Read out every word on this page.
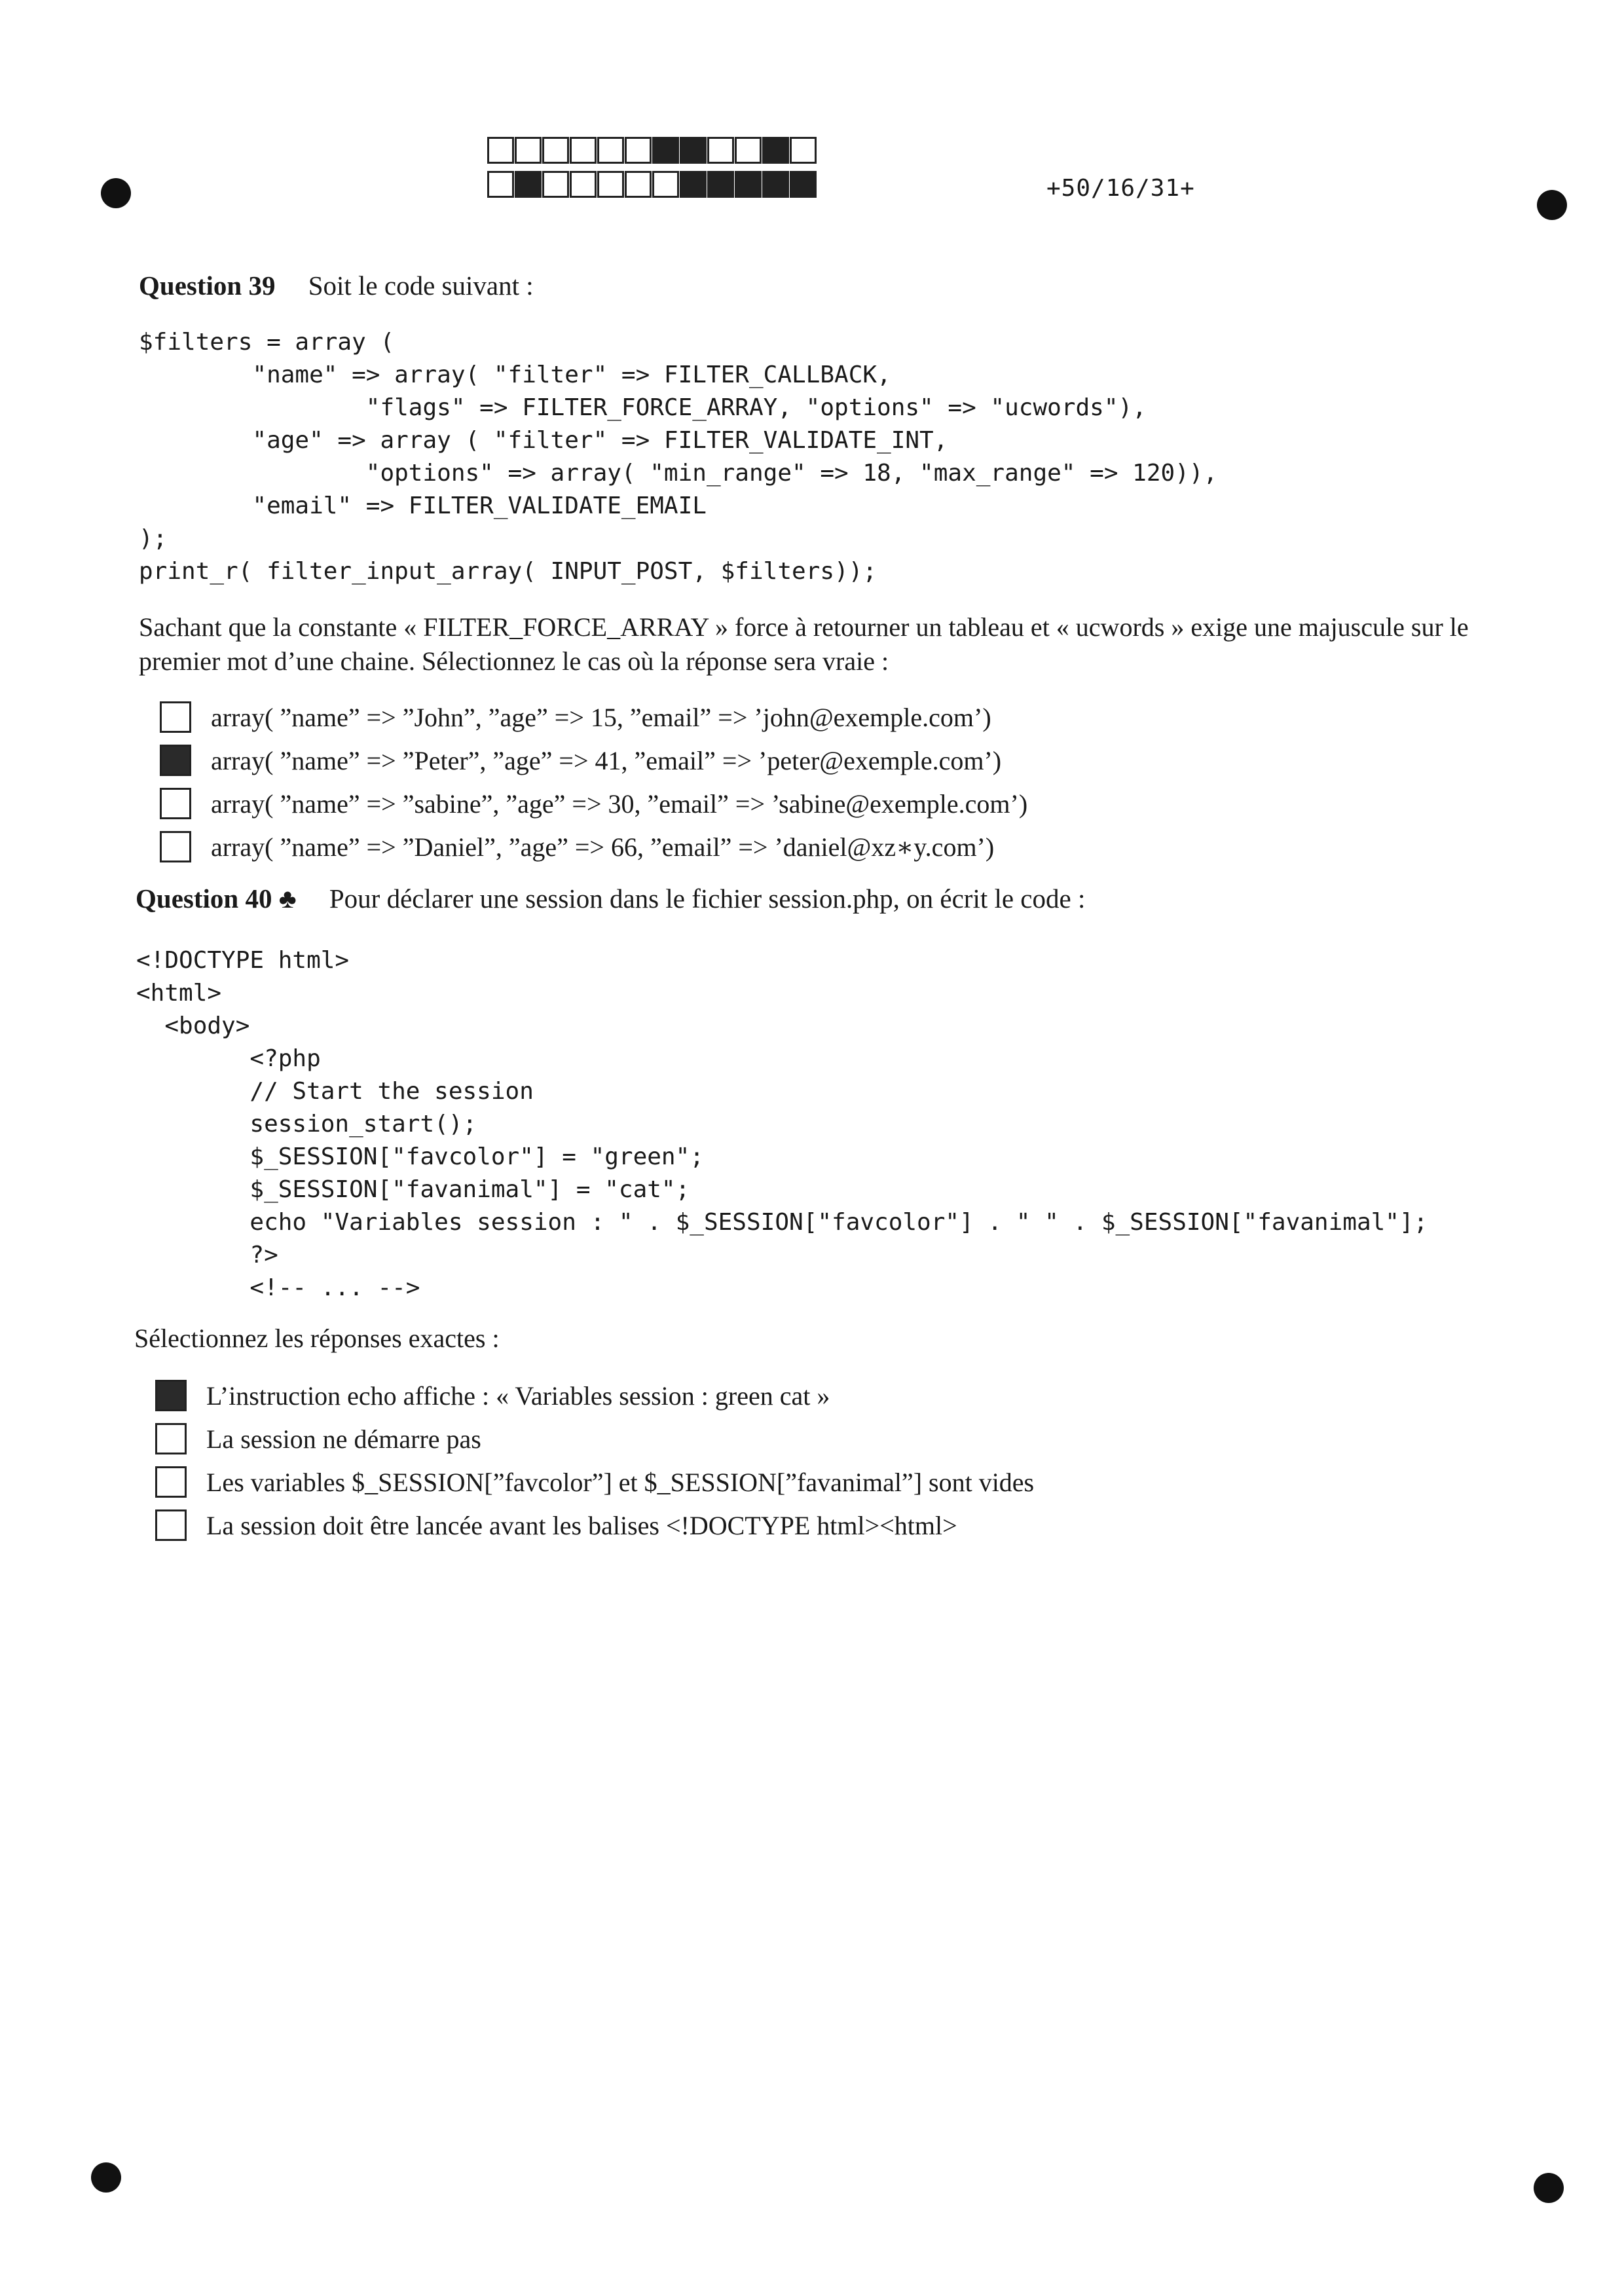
+50/16/31+
Question 39 Soit le code suivant :
$filters = array (
"name" => array( "filter" => FILTER_CALLBACK,
"flags" => FILTER_FORCE_ARRAY, "options" => "ucwords"),
"age" => array ( "filter" => FILTER_VALIDATE_INT,
"options" => array( "min_range" => 18, "max_range" => 120)),
"email" => FILTER_VALIDATE_EMAIL
);
print_r( filter_input_array( INPUT_POST, $filters));
Sachant que la constante « FILTER_FORCE_ARRAY » force à retourner un tableau et « ucwords » exige une majuscule sur le premier mot d’une chaine. Sélectionnez le cas où la réponse sera vraie :
array( ”name” => ”John”, ”age” => 15, ”email” => ’john@exemple.com’)
array( ”name” => ”Peter”, ”age” => 41, ”email” => ’peter@exemple.com’)
array( ”name” => ”sabine”, ”age” => 30, ”email” => ’sabine@exemple.com’)
array( ”name” => ”Daniel”, ”age” => 66, ”email” => ’daniel@xz∗y.com’)
Question 40 ♣ Pour déclarer une session dans le fichier session.php, on écrit le code :
<!DOCTYPE html>
<html>
<body>
<?php
// Start the session
session_start();
$_SESSION["favcolor"] = "green";
$_SESSION["favanimal"] = "cat";
echo "Variables session : " . $_SESSION["favcolor"] . " " . $_SESSION["favanimal"];
?>
<!-- ... -->
Sélectionnez les réponses exactes :
L’instruction echo affiche : « Variables session : green cat »
La session ne démarre pas
Les variables $_SESSION[”favcolor”] et $_SESSION[”favanimal”] sont vides
La session doit être lancée avant les balises <!DOCTYPE html><html>
